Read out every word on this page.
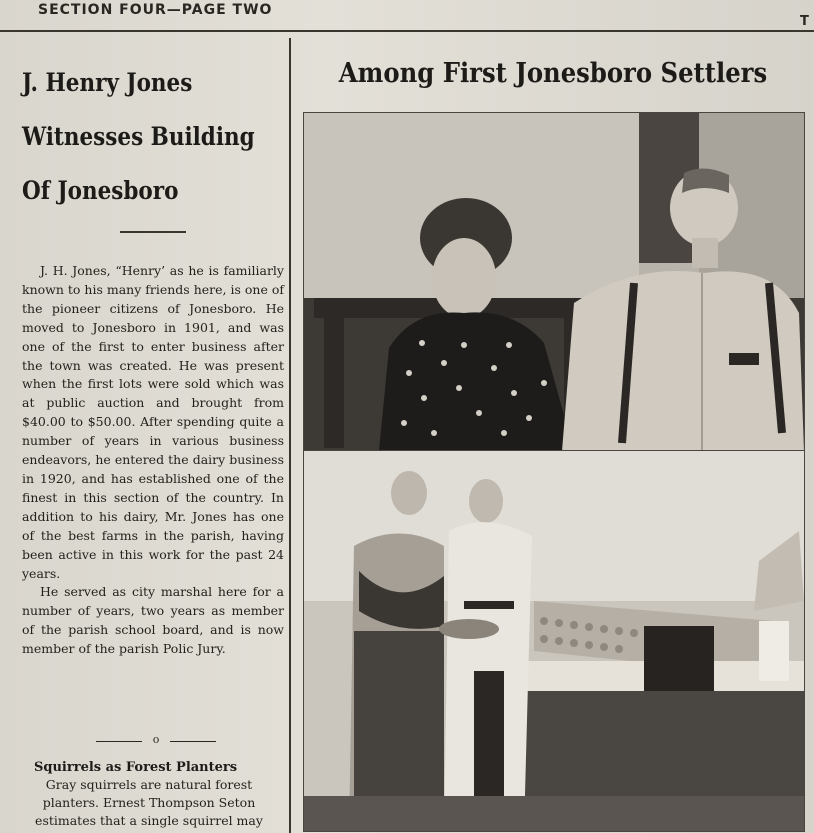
SECTION FOUR—PAGE TWO
T
J. Henry Jones
Witnesses Building
Of Jonesboro

J. H. Jones, “Henry’ as he is familiarly known to his many friends here, is one of the pioneer citizens of Jonesboro. He moved to Jonesboro in 1901, and was one of the first to enter business after the town was created. He was present when the first lots were sold which was at public auction and brought from $40.00 to $50.00. After spending quite a number of years in various business endeavors, he entered the dairy business in 1920, and has established one of the finest in this section of the country. In addition to his dairy, Mr. Jones has one of the best farms in the parish, having been active in this work for the past 24 years.

He served as city marshal here for a number of years, two years as member of the parish school board, and is now member of the parish Polic Jury.

o
Squirrels as Forest Planters
Gray squirrels are natural forest planters. Ernest Thompson Seton estimates that a single squirrel may
Among First Jonesboro Settlers
